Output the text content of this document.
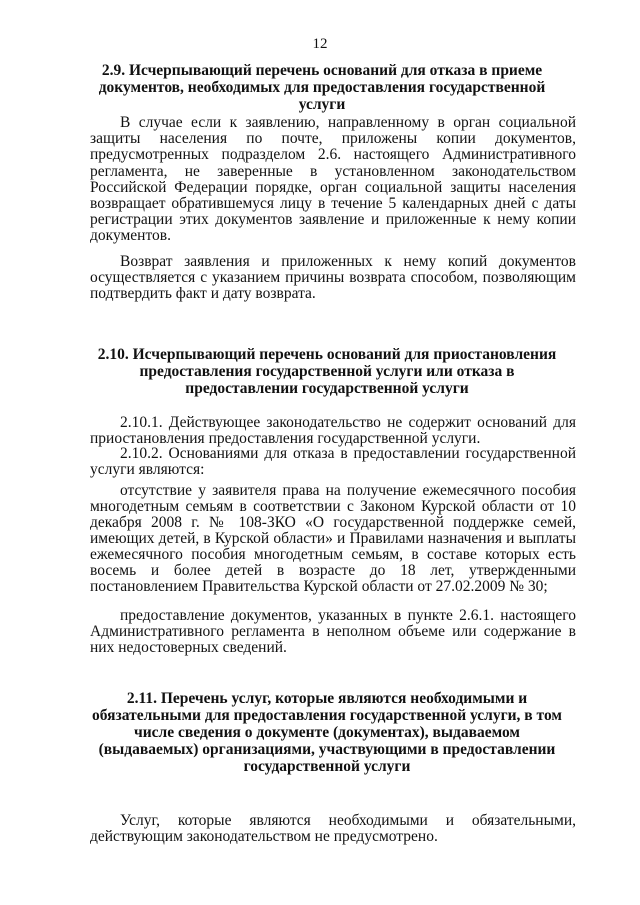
12
2.9. Исчерпывающий перечень оснований для отказа в приеме документов, необходимых для предоставления государственной услуги

В случае если к заявлению, направленному в орган социальной защиты населения по почте, приложены копии документов, предусмотренных подразделом 2.6. настоящего Административного регламента, не заверенные в установленном законодательством Российской Федерации порядке, орган социальной защиты населения возвращает обратившемуся лицу в течение 5 календарных дней с даты регистрации этих документов заявление и приложенные к нему копии документов.

Возврат заявления и приложенных к нему копий документов осуществляется с указанием причины возврата способом, позволяющим подтвердить факт и дату возврата.

2.10. Исчерпывающий перечень оснований для приостановления предоставления государственной услуги или отказа в предоставлении государственной услуги

2.10.1. Действующее законодательство не содержит оснований для приостановления предоставления государственной услуги.

2.10.2. Основаниями для отказа в предоставлении государственной услуги являются:

отсутствие у заявителя права на получение ежемесячного пособия многодетным семьям в соответствии с Законом Курской области от 10 декабря 2008 г. № 108-ЗКО «О государственной поддержке семей, имеющих детей, в Курской области» и Правилами назначения и выплаты ежемесячного пособия многодетным семьям, в составе которых есть восемь и более детей в возрасте до 18 лет, утвержденными постановлением Правительства Курской области от 27.02.2009 № 30;

предоставление документов, указанных в пункте 2.6.1. настоящего Административного регламента в неполном объеме или содержание в них недостоверных сведений.

2.11. Перечень услуг, которые являются необходимыми и обязательными для предоставления государственной услуги, в том числе сведения о документе (документах), выдаваемом (выдаваемых) организациями, участвующими в предоставлении государственной услуги

Услуг, которые являются необходимыми и обязательными, действующим законодательством не предусмотрено.
